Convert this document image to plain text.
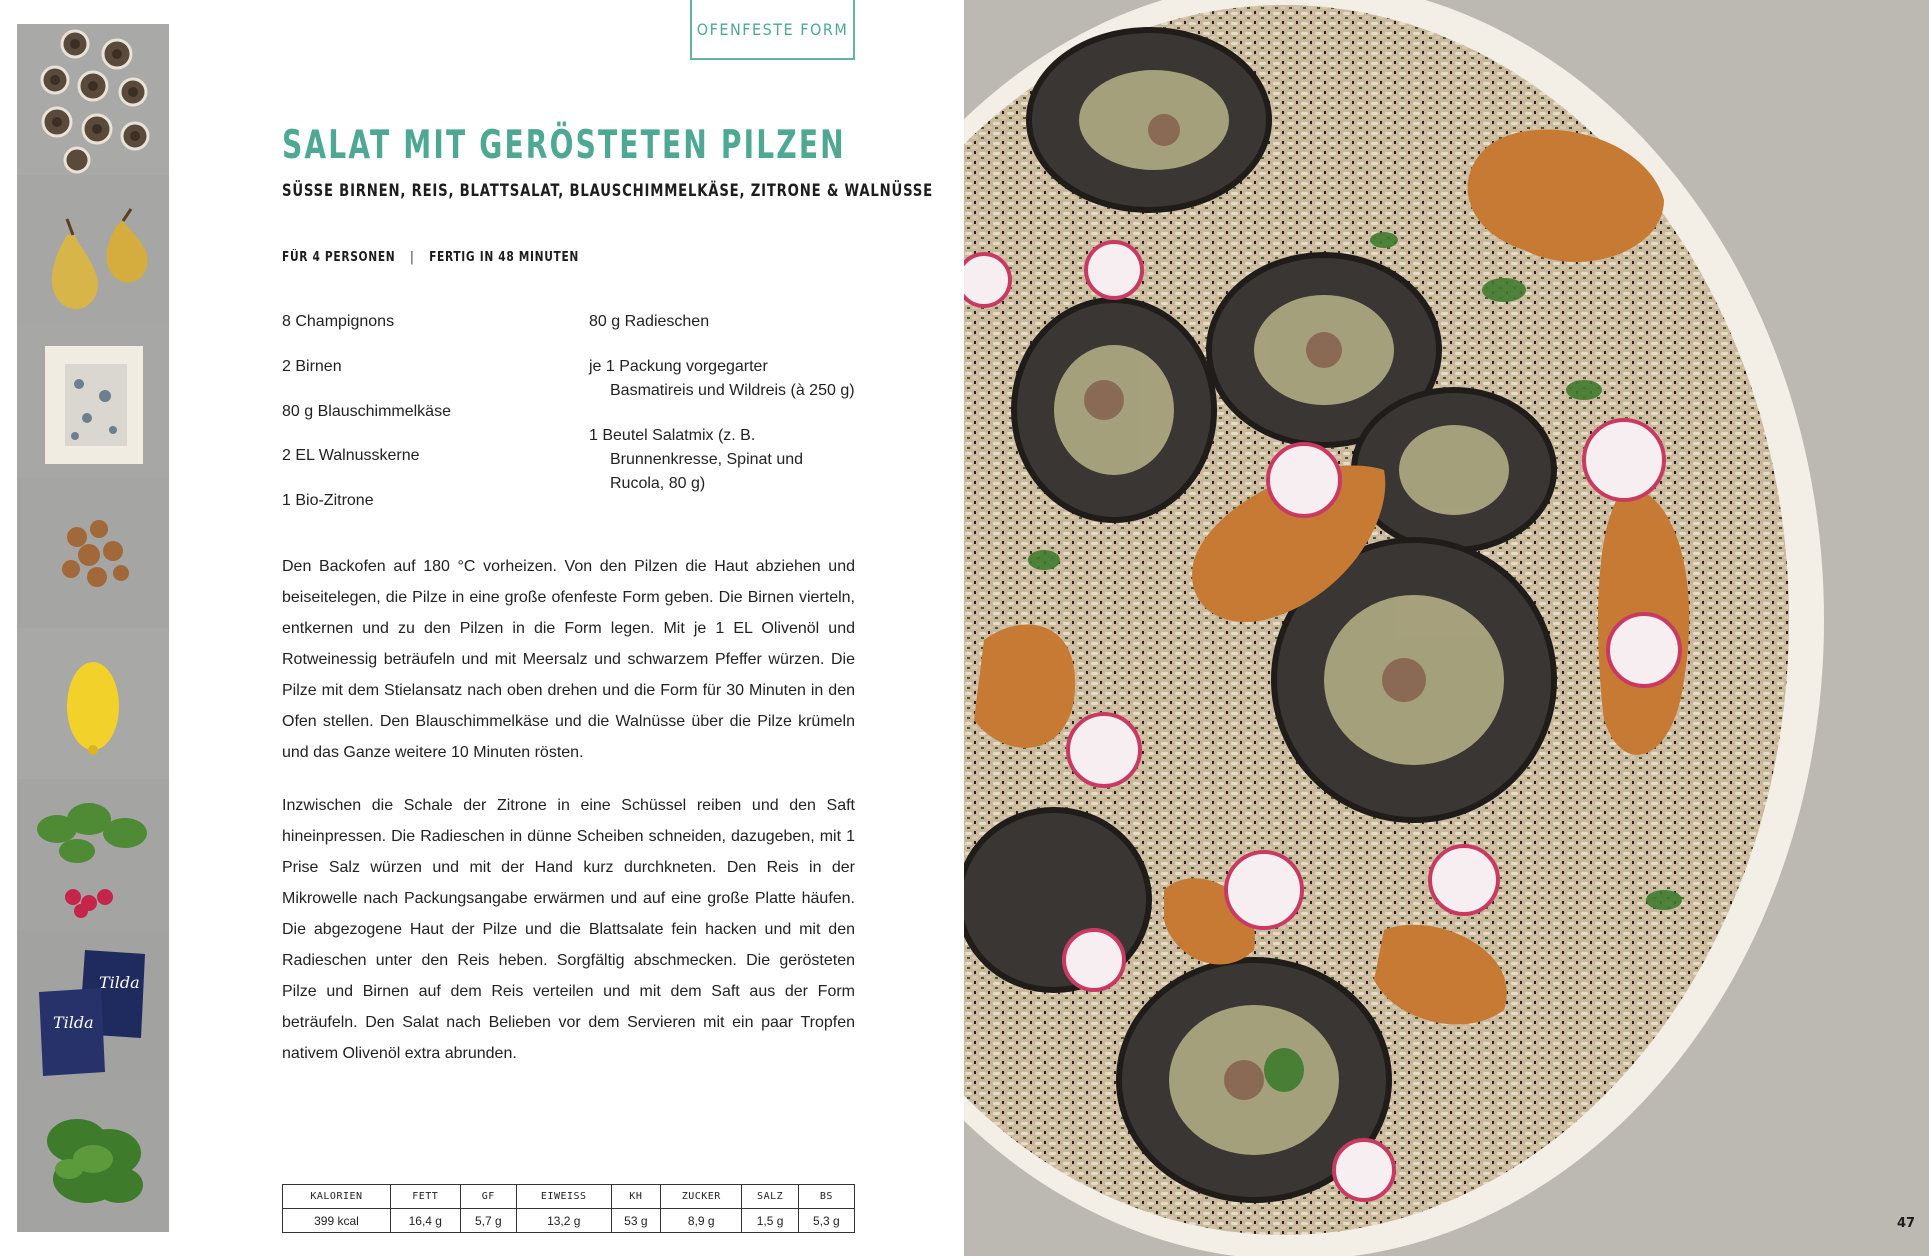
Tilda
Tilda
OFENFESTE FORM
SALAT MIT GERÖSTETEN PILZEN
SÜSSE BIRNEN, REIS, BLATTSALAT, BLAUSCHIMMELKÄSE, ZITRONE & WALNÜSSE
FÜR 4 PERSONEN | FERTIG IN 48 MINUTEN
8 Champignons
2 Birnen
80 g Blauschimmelkäse
2 EL Walnusskerne
1 Bio-Zitrone
80 g Radieschen
je 1 Packung vorgegarter Basmatireis und Wildreis (à 250 g)
1 Beutel Salatmix (z. B. Brunnenkresse, Spinat und Rucola, 80 g)

Den Backofen auf 180 °C vorheizen. Von den Pilzen die Haut abziehen und beiseitelegen, die Pilze in eine große ofenfeste Form geben. Die Birnen vierteln, entkernen und zu den Pilzen in die Form legen. Mit je 1 EL Olivenöl und Rotweinessig beträufeln und mit Meersalz und schwarzem Pfeffer würzen. Die Pilze mit dem Stielansatz nach oben drehen und die Form für 30 Minuten in den Ofen stellen. Den Blauschimmelkäse und die Walnüsse über die Pilze krümeln und das Ganze weitere 10 Minuten rösten.

Inzwischen die Schale der Zitrone in eine Schüssel reiben und den Saft hineinpressen. Die Radieschen in dünne Scheiben schneiden, dazugeben, mit 1 Prise Salz würzen und mit der Hand kurz durchkneten. Den Reis in der Mikrowelle nach Packungsangabe erwärmen und auf eine große Platte häufen. Die abgezogene Haut der Pilze und die Blattsalate fein hacken und mit den Radieschen unter den Reis heben. Sorgfältig abschmecken. Die gerösteten Pilze und Birnen auf dem Reis verteilen und mit dem Saft aus der Form beträufeln. Den Salat nach Belieben vor dem Servieren mit ein paar Tropfen nativem Olivenöl extra abrunden.

KALORIEN	FETT	GF	EIWEISS	KH	ZUCKER	SALZ	BS
399 kcal	16,4 g	5,7 g	13,2 g	53 g	8,9 g	1,5 g	5,3 g	47
